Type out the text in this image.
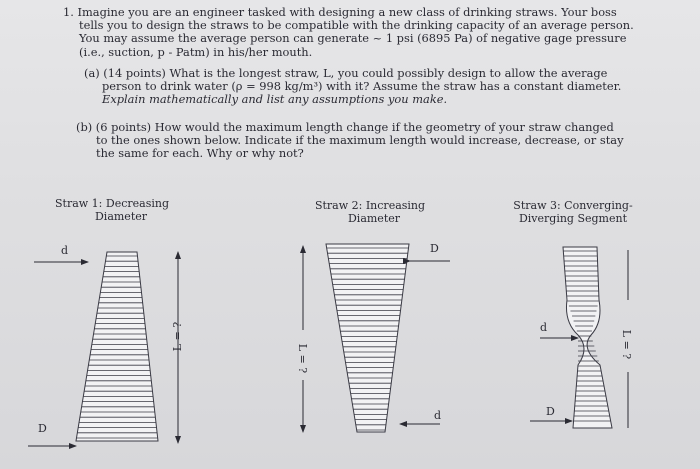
1. Imagine you are an engineer tasked with designing a new class of drinking straws. Your boss
tells you to design the straws to be compatible with the drinking capacity of an average person.
You may assume the average person can generate ~ 1 psi (6895 Pa) of negative gage pressure
(i.e., suction, p - Patm) in his/her mouth.
(a) (14 points) What is the longest straw, L, you could possibly design to allow the average
person to drink water (ρ = 998 kg/m³) with it? Assume the straw has a constant diameter.
Explain mathematically and list any assumptions you make.
(b) (6 points) How would the maximum length change if the geometry of your straw changed
to the ones shown below. Indicate if the maximum length would increase, decrease, or stay
the same for each. Why or why not?
Straw 1: Decreasing
Diameter
Straw 2: Increasing
Diameter
Straw 3: Converging-
Diverging Segment
d
D
L = ?
D
d
L = ?
d
D
L = ?
